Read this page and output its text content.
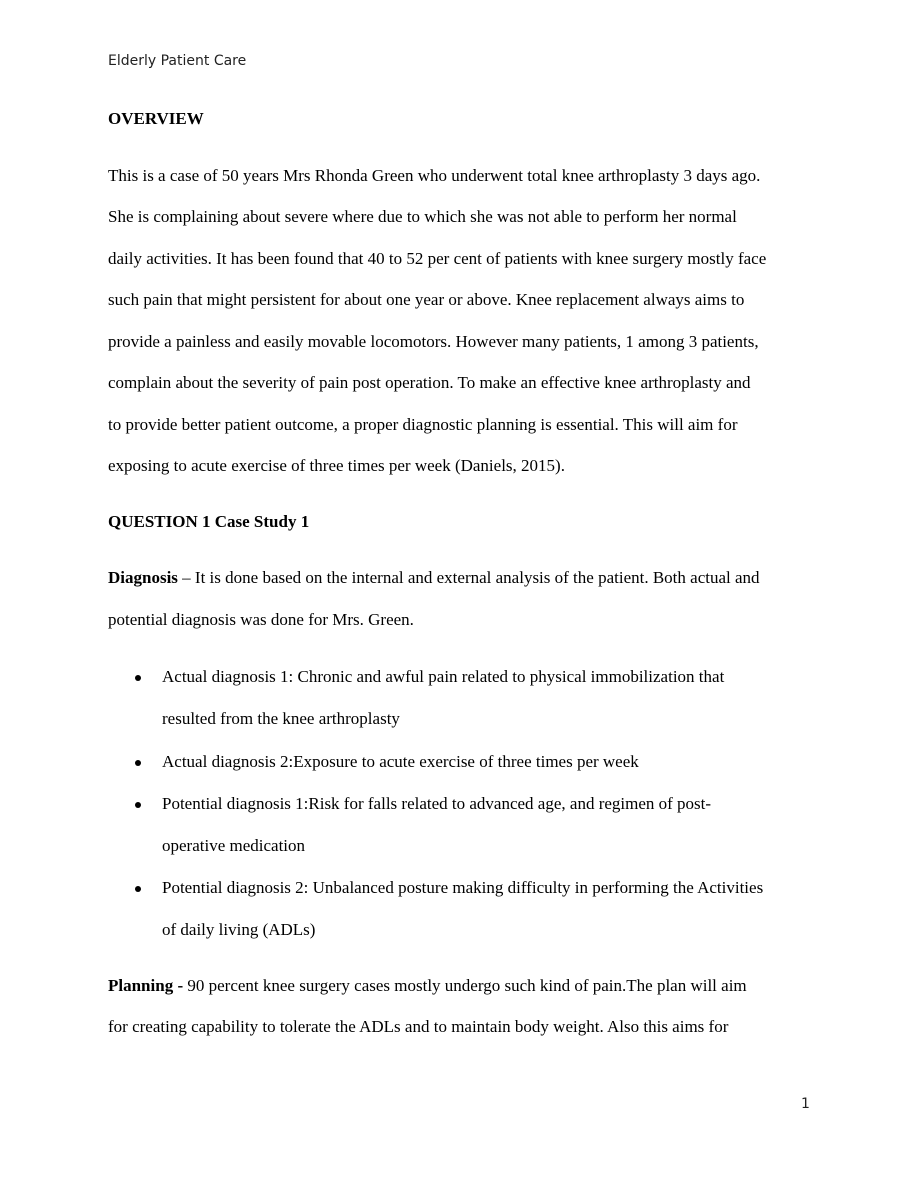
Elderly Patient Care
OVERVIEW
This is a case of 50 years Mrs Rhonda Green who underwent total knee arthroplasty 3 days ago.
She is complaining about severe where due to which she was not able to perform her normal
daily activities. It has been found that 40 to 52 per cent of patients with knee surgery mostly face
such pain that might persistent for about one year or above. Knee replacement always aims to
provide a painless and easily movable locomotors. However many patients, 1 among 3 patients,
complain about the severity of pain post operation. To make an effective knee arthroplasty and
to provide better patient outcome, a proper diagnostic planning is essential. This will aim for
exposing to acute exercise of three times per week (Daniels, 2015).
QUESTION 1 Case Study 1
Diagnosis – It is done based on the internal and external analysis of the patient. Both actual and
potential diagnosis was done for Mrs. Green.
Actual diagnosis 1: Chronic and awful pain related to physical immobilization that
resulted from the knee arthroplasty
Actual diagnosis 2:Exposure to acute exercise of three times per week
Potential diagnosis 1:Risk for falls related to advanced age, and regimen of post-
operative medication
Potential diagnosis 2: Unbalanced posture making difficulty in performing the Activities
of daily living (ADLs)
Planning - 90 percent knee surgery cases mostly undergo such kind of pain.The plan will aim
for creating capability to tolerate the ADLs and to maintain body weight. Also this aims for
1
